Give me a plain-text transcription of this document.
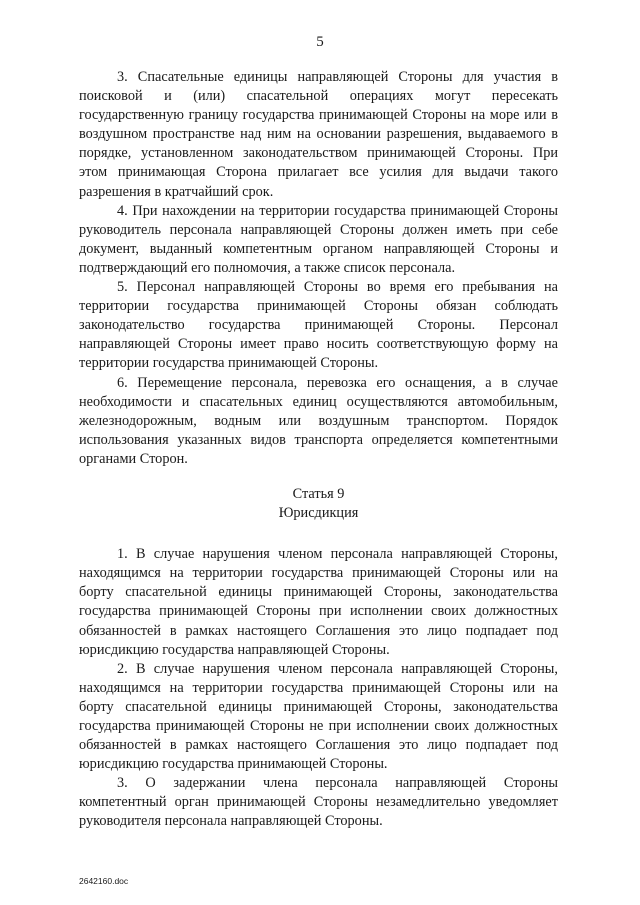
5

3. Спасательные единицы направляющей Стороны для участия в поисковой и (или) спасательной операциях могут пересекать государственную границу государства принимающей Стороны на море или в воздушном пространстве над ним на основании разрешения, выдаваемого в порядке, установленном законодательством принимающей Стороны. При этом принимающая Сторона прилагает все усилия для выдачи такого разрешения в кратчайший срок.

4. При нахождении на территории государства принимающей Стороны руководитель персонала направляющей Стороны должен иметь при себе документ, выданный компетентным органом направляющей Стороны и подтверждающий его полномочия, а также список персонала.

5. Персонал направляющей Стороны во время его пребывания на территории государства принимающей Стороны обязан соблюдать законодательство государства принимающей Стороны. Персонал направляющей Стороны имеет право носить соответствующую форму на территории государства принимающей Стороны.

6. Перемещение персонала, перевозка его оснащения, а в случае необходимости и спасательных единиц осуществляются автомобильным, железнодорожным, водным или воздушным транспортом. Порядок использования указанных видов транспорта определяется компетентными органами Сторон.

Статья 9

Юрисдикция

1. В случае нарушения членом персонала направляющей Стороны, находящимся на территории государства принимающей Стороны или на борту спасательной единицы принимающей Стороны, законодательства государства принимающей Стороны при исполнении своих должностных обязанностей в рамках настоящего Соглашения это лицо подпадает под юрисдикцию государства направляющей Стороны.

2. В случае нарушения членом персонала направляющей Стороны, находящимся на территории государства принимающей Стороны или на борту спасательной единицы принимающей Стороны, законодательства государства принимающей Стороны не при исполнении своих должностных обязанностей в рамках настоящего Соглашения это лицо подпадает под юрисдикцию государства принимающей Стороны.

3. О задержании члена персонала направляющей Стороны компетентный орган принимающей Стороны незамедлительно уведомляет руководителя персонала направляющей Стороны.

2642160.doc
